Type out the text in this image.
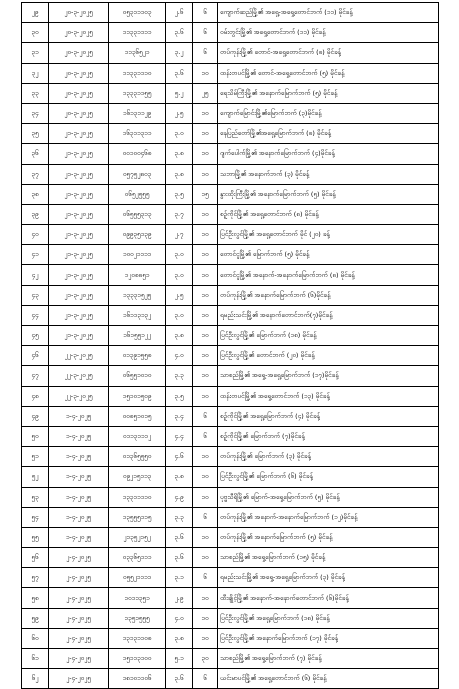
၂၉	၂၀-၃-၂၀၂၅	၀၅၃၁၁၁၀၃	၂.၆	၆	ကျောက်ဆည်မြို့၏ အရှေ့-အရှေ့တောင်ဘက် (၁၁) မိုင်ခန့်
၃၀	၂၀-၃-၂၀၂၅	၁၁၃၃၁၁၁၁	၃.၆	၆	ဝမ်းတွင်းမြို့၏ အရှေ့တောင်ဘက် (၁၁) မိုင်ခန့်
၃၁	၂၀-၃-၂၀၂၅	၁၁၃၆၅၂၁	၃.၂	၆	တပ်ကုန်းမြို့၏ တောင်-အရှေ့တောင်ဘက် (၈) မိုင်ခန့်
၃၂	၂၀-၃-၂၀၂၅	၁၁၃၃၁၁၁၀	၃.၆	၁၀	ထန်းတပင်မြို့၏ တောင်-အရှေ့တောင်ဘက် (၅) မိုင်ခန့်
၃၃	၂၀-၃-၂၀၂၅	၁၃၃၃၁၁၅၅	၅.၂	၂၅	ရေသိမ်ကြီးမြို့၏ အနောက်မြောက်ဘက် (၅) မိုင်ခန့်
၃၄	၂၀-၃-၂၀၂၅	၁၆၁၃၁၁၂၉	၂.၅	၁၀	ကျောက်မြောင်းမြို့၏မြောက်ဘက် (၃)မိုင်ခန့်
၃၅	၂၁-၃-၂၀၂၅	၁၆၃၁၁၃၁၁	၃.၀	၁၀	နေပြည်တော်မြို့၏အရှေ့မြောက်ဘက် (၈) မိုင်ခန့်
၃၆	၂၁-၃-၂၀၂၅	၀၀၁၀၀၄၆၈	၃.၈	၁၀	ဂျက်ပေါက်မြို့၏ အနောက်မြောက်ဘက် (၄)မိုင်ခန့်
၃၇	၂၁-၃-၂၀၂၅	၀၅၇၅၂၈၀၃	၃.၈	၁၀	သဘာမြို့၏ အနောက်ဘက် (၃) မိုင်ခန့်
၃၈	၂၁-၃-၂၀၂၅	၀၆၅၂၅၅၅	၃.၅	၁၅	နွားထိုးကြီးမြို့၏ အနောက်မြောက်ဘက် (၅) မိုင်ခန့်
၃၉	၂၁-၃-၂၀၂၅	၀၆၅၅၅၃၁၃	၃.၇	၁၀	စဉ့်ကိုင်မြို့၏ အရှေ့တောင်ဘက် (၈) မိုင်ခန့်
၄၀	၂၁-၃-၂၀၂၅	၀၉၉၃၅၁၃၉	၂.၇	၁၀	ပြင်ဦးလွင်မြို့၏ အရှေ့တောင်ဘက် မိုင် (၂၀) ခန့်
၄၁	၂၁-၃-၂၀၂၅	၁၀၀၂၁၁၁၁	၃.၀	၁၀	တောင်ငူမြို့၏ မြောက်ဘက် (၅) မိုင်ခန့်
၄၂	၂၁-၃-၂၀၂၅	၁၂၀၈၈၅၁	၃.၀	၁၀	တောင်ငူမြို့၏ အနောက်-အနောက်မြောက်ဘက် (၈) မိုင်ခန့်
၄၃	၂၁-၃-၂၀၂၅	၁၃၃၃၁၅၂၅	၂.၅	၁၀	တပ်ကုန်းမြို့၏ အနောက်မြောက်ဘက် (၆)မိုင်ခန့်
၄၄	၂၁-၃-၂၀၂၅	၁၆၁၁၃၁၃၂	၃.၀	၁၀	ရမည်းသင်းမြို့၏ အနောက်တောင်ဘက်(၇)မိုင်ခန့်
၄၅	၂၁-၃-၂၀၂၅	၁၆၁၅၅၁၂၂	၃.၈	၁၀	ပြင်ဦးလွင်မြို့၏ မြောက်ဘက် (၁၈) မိုင်ခန့်
၄၆	၂၂-၃-၂၀၂၅	၀၁၃၉၁၅၅၈	၄.၀	၁၀	ပြင်ဦးလွင်မြို့၏ တောင်ဘက် (၂၀) မိုင်ခန့်
၄၇	၂၂-၃-၂၀၂၅	၀၆၅၅၁၀၁၀	၃.၃	၁၀	သာစည်မြို့၏ အရှေ့-အရှေ့မြောက်ဘက် (၁၇)မိုင်ခန့်
၄၈	၂၂-၃-၂၀၂၅	၁၅၁၀၁၅၀၉	၃.၅	၁၀	ထန်းတပင်မြို့၏ အရှေ့တောင်ဘက် (၁၃) မိုင်ခန့်
၄၉	၁-၄-၂၀၂၅	၀၀၈၅၁၀၁၅	၃.၄	၆	စဉ့်ကိုင်မြို့၏ အရှေ့မြောက်ဘက် (၄) မိုင်ခန့်
၅၀	၁-၄-၂၀၂၅	၀၁၁၃၁၁၁၂	၄.၄	၆	စဉ့်ကိုင်မြို့၏ မြောက်ဘက် (၇)မိုင်ခန့်
၅၁	၁-၄-၂၀၂၅	၀၁၃၆၅၅၅၀	၄.၆	၁၀	တပ်ကုန်းမြို့၏ မြောက်ဘက် (၃) မိုင်ခန့်
၅၂	၁-၄-၂၀၂၅	၀၉၂၁၅၁၁၃	၃.၈	၁၀	ပြင်ဦးလွင်မြို့၏ မြောက်ဘက် (၆) မိုင်ခန့်
၅၃	၁-၄-၂၀၂၅	၁၃၃၁၁၁၁၀	၄.၉	၁၀	ပုဗ္ဗသီရိမြို့၏ မြောက်-အရှေ့မြောက်ဘက် (၅) မိုင်ခန့်
၅၄	၁-၄-၂၀၂၅	၁၃၅၅၅၁၁၅	၃.၃	၆	တပ်ကုန်းမြို့၏ အနောက်-အနောက်မြောက်ဘက် (၁၂)မိုင်ခန့်
၅၅	၁-၄-၂၀၂၅	၂၁၃၅၂၁၅၂	၃.၆	၁၀	တပ်ကုန်းမြို့၏ အနောက်မြောက်ဘက် (၅) မိုင်ခန့်
၅၆	၂-၄-၂၀၂၅	၀၃၃၆၅၁၁၁	၃.၆	၁၀	သာစည်မြို့၏ အရှေ့မြောက်ဘက် (၁၅) မိုင်ခန့်
၅၇	၂-၄-၂၀၂၅	၀၅၅၂၁၁၁၁	၃.၁	၆	ရမည်းသင်းမြို့၏ အရှေ့-အရှေ့မြောက်ဘက် (၃) မိုင်ခန့်
၅၈	၂-၄-၂၀၂၅	၁၀၁၁၃၅၁	၂.၉	၁၀	ထီးချိုင့်မြို့၏ အနောက်-အနောက်တောင်ဘက် (၆)မိုင်ခန့်
၅၉	၂-၄-၂၀၂၅	၁၃၅၁၅၅၅	၄.၀	၁၀	ပြင်ဦးလွင်မြို့၏ အရှေ့မြောက်ဘက် (၁၈) မိုင်ခန့်
၆၀	၂-၄-၂၀၂၅	၁၃၁၃၁၁၀၈	၃.၈	၁၀	ပြင်ဦးလွင်မြို့၏ အနောက်မြောက်ဘက် (၁၇) မိုင်ခန့်
၆၁	၂-၄-၂၀၂၅	၁၅၁၁၃၁၀၀	၅.၁	၃၀	သာစည်မြို့၏ အရှေ့မြောက်ဘက် (၇) မိုင်ခန့်
၆၂	၂-၄-၂၀၂၅	၁၈၁၀၁၁၀၆	၃.၆	၆	ယင်းမာပင်မြို့၏ အရှေ့တောင်ဘက် (၆) မိုင်ခန့်
